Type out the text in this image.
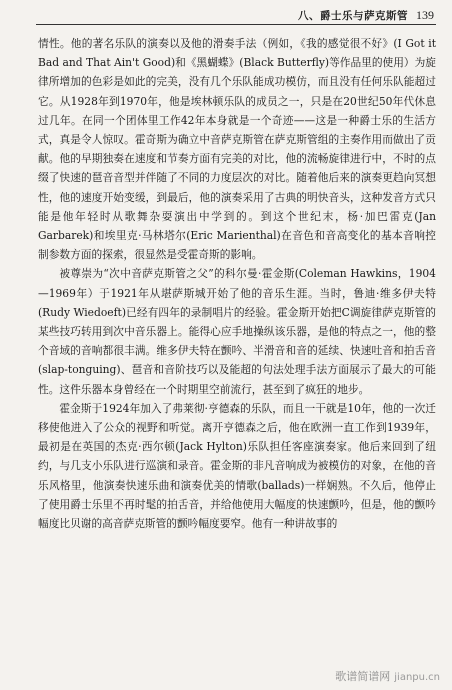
八、爵士乐与萨克斯管 139

情性。他的著名乐队的演奏以及他的滑奏手法（例如，《我的感觉很不好》(I Got it Bad and That Ain't Good)和《黑蝴蝶》(Black Butterfly)等作品里的使用）为旋律所增加的色彩是如此的完美，没有几个乐队能成功模仿，而且没有任何乐队能超过它。从1928年到1970年，他是埃林顿乐队的成员之一，只是在20世纪50年代休息过几年。在同一个团体里工作42年本身就是一个奇迹——这是一种爵士乐的生活方式，真是令人惊叹。霍奇斯为确立中音萨克斯管在萨克斯管组的主奏作用而做出了贡献。他的早期独奏在速度和节奏方面有完美的对比，他的流畅旋律进行中，不时的点缀了快速的琶音音型并伴随了不同的力度层次的对比。随着他后来的演奏更趋向冥想性，他的速度开始变缓，到最后，他的演奏采用了古典的明快音头，这种发音方式只能是他年轻时从歌舞杂耍演出中学到的。到这个世纪末，杨·加巴雷克(Jan Garbarek)和埃里克·马林塔尔(Eric Marienthal)在音色和音高变化的基本音响控制参数方面的探索，很显然是受霍奇斯的影响。

被尊崇为“次中音萨克斯管之父”的科尔曼·霍金斯(Coleman Hawkins，1904—1969年）于1921年从堪萨斯城开始了他的音乐生涯。当时，鲁迪·维多伊夫特(Rudy Wiedoeft)已经有四年的录制唱片的经验。霍金斯开始把C调旋律萨克斯管的某些技巧转用到次中音乐器上。能得心应手地操纵该乐器，是他的特点之一，他的整个音域的音响都很丰满。维多伊夫特在颤吟、半滑音和音的延续、快速吐音和拍舌音(slap-tonguing)、琶音和音阶技巧以及能超的句法处理手法方面展示了最大的可能性。这件乐器本身曾经在一个时期里空前流行，甚至到了疯狂的地步。

霍金斯于1924年加入了弗莱彻·亨德森的乐队，而且一干就是10年，他的一次迁移使他进入了公众的视野和听觉。离开亨德森之后，他在欧洲一直工作到1939年，最初是在英国的杰克·西尔顿(Jack Hylton)乐队担任客座演奏家。他后来回到了纽约，与几支小乐队进行巡演和录音。霍金斯的非凡音响成为被模仿的对象，在他的音乐风格里，他演奏快速乐曲和演奏优美的情歌(ballads)一样娴熟。不久后，他停止了使用爵士乐里不再时髦的拍舌音，并给他使用大幅度的快速颤吟，但是，他的颤吟幅度比贝谢的高音萨克斯管的颤吟幅度要窄。他有一种讲故事的

歌谱简谱网 jianpu.cn
